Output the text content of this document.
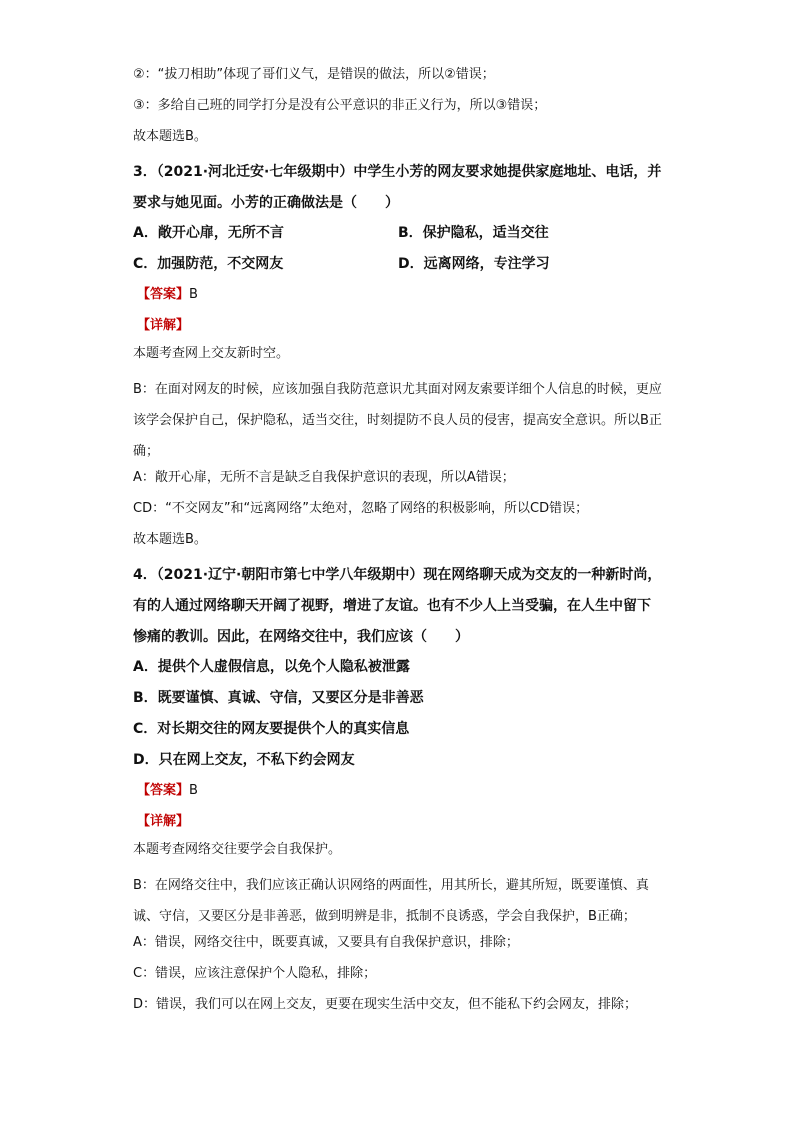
②：“拔刀相助”体现了哥们义气，是错误的做法，所以②错误；
③：多给自己班的同学打分是没有公平意识的非正义行为，所以③错误；
故本题选B。
3．（2021·河北迁安·七年级期中）中学生小芳的网友要求她提供家庭地址、电话，并要求与她见面。小芳的正确做法是（　　）
A．敞开心扉，无所不言	B．保护隐私，适当交往
C．加强防范，不交网友	D．远离网络，专注学习
【答案】B
【详解】
本题考查网上交友新时空。
B：在面对网友的时候，应该加强自我防范意识尤其面对网友索要详细个人信息的时候，更应该学会保护自己，保护隐私，适当交往，时刻提防不良人员的侵害，提高安全意识。所以B正确；
A：敞开心扉，无所不言是缺乏自我保护意识的表现，所以A错误；
CD：“不交网友”和“远离网络”太绝对，忽略了网络的积极影响，所以CD错误；
故本题选B。
4．（2021·辽宁·朝阳市第七中学八年级期中）现在网络聊天成为交友的一种新时尚，有的人通过网络聊天开阔了视野，增进了友谊。也有不少人上当受骗，在人生中留下惨痛的教训。因此，在网络交往中，我们应该（　　）
A．提供个人虚假信息，以免个人隐私被泄露
B．既要谨慎、真诚、守信，又要区分是非善恶
C．对长期交往的网友要提供个人的真实信息
D．只在网上交友，不私下约会网友
【答案】B
【详解】
本题考查网络交往要学会自我保护。
B：在网络交往中，我们应该正确认识网络的两面性，用其所长，避其所短，既要谨慎、真诚、守信，又要区分是非善恶，做到明辨是非，抵制不良诱惑，学会自我保护，B正确；
A：错误，网络交往中，既要真诚，又要具有自我保护意识，排除；
C：错误，应该注意保护个人隐私，排除；
D：错误，我们可以在网上交友，更要在现实生活中交友，但不能私下约会网友，排除；
